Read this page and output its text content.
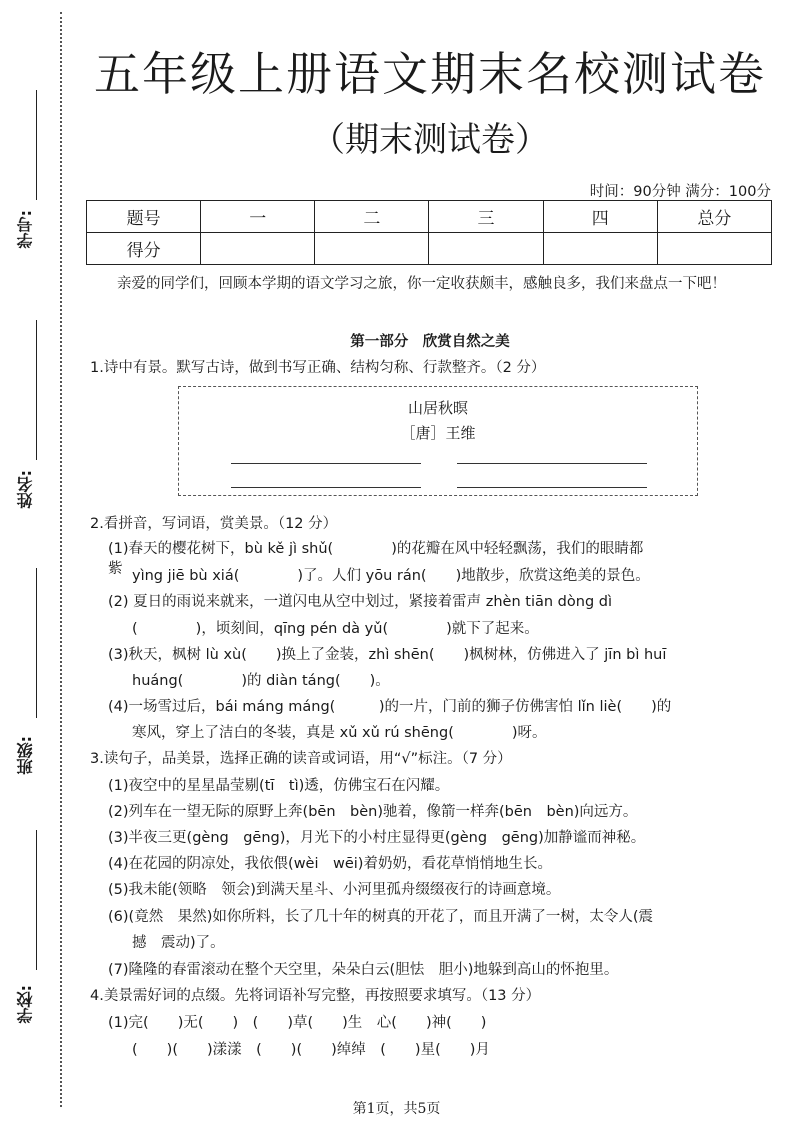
学号:
姓名:
班级:
学校:
五年级上册语文期末名校测试卷
（期末测试卷）
时间：90分钟 满分：100分
题号	一	二	三	四	总分
得分					
亲爱的同学们，回顾本学期的语文学习之旅，你一定收获颇丰，感触良多，我们来盘点一下吧！
第一部分　欣赏自然之美
1.诗中有景。默写古诗，做到书写正确、结构匀称、行款整齐。（2 分）
山居秋暝
［唐］王维
2.看拼音，写词语，赏美景。（12 分）
(1)春天的樱花树下，bù kě jì shǔ(　　　　)的花瓣在风中轻轻飘荡，我们的眼睛都
紫 yìng jiē bù xiá(　　　　)了。人们 yōu rán(　　)地散步，欣赏这绝美的景色。
(2) 夏日的雨说来就来，一道闪电从空中划过，紧接着雷声 zhèn tiān dòng dì
(　　　　)，顷刻间，qīng pén dà yǔ(　　　　)就下了起来。
(3)秋天，枫树 lù xù(　　)换上了金装，zhì shēn(　　)枫树林，仿佛进入了 jīn bì huī
huáng(　　　　)的 diàn táng(　　)。
(4)一场雪过后，bái máng máng(　　　)的一片，门前的狮子仿佛害怕 lǐn liè(　　)的
寒风，穿上了洁白的冬装，真是 xǔ xǔ rú shēng(　　　　)呀。
3.读句子，品美景，选择正确的读音或词语，用“√”标注。（7 分）
(1)夜空中的星星晶莹剔(tī　tì)透，仿佛宝石在闪耀。
(2)列车在一望无际的原野上奔(bēn　bèn)驰着，像箭一样奔(bēn　bèn)向远方。
(3)半夜三更(gèng　gēng)，月光下的小村庄显得更(gèng　gēng)加静谧而神秘。
(4)在花园的阴凉处，我依偎(wèi　wēi)着奶奶，看花草悄悄地生长。
(5)我未能(领略　领会)到满天星斗、小河里孤舟缀缀夜行的诗画意境。
(6)(竟然　果然)如你所料，长了几十年的树真的开花了，而且开满了一树，太令人(震
撼　震动)了。
(7)隆隆的春雷滚动在整个天空里，朵朵白云(胆怯　胆小)地躲到高山的怀抱里。
4.美景需好词的点缀。先将词语补写完整，再按照要求填写。（13 分）
(1)完(　　)无(　　)　(　　)草(　　)生　心(　　)神(　　)
(　　)(　　)漾漾　(　　)(　　)绰绰　(　　)星(　　)月
第1页，共5页
